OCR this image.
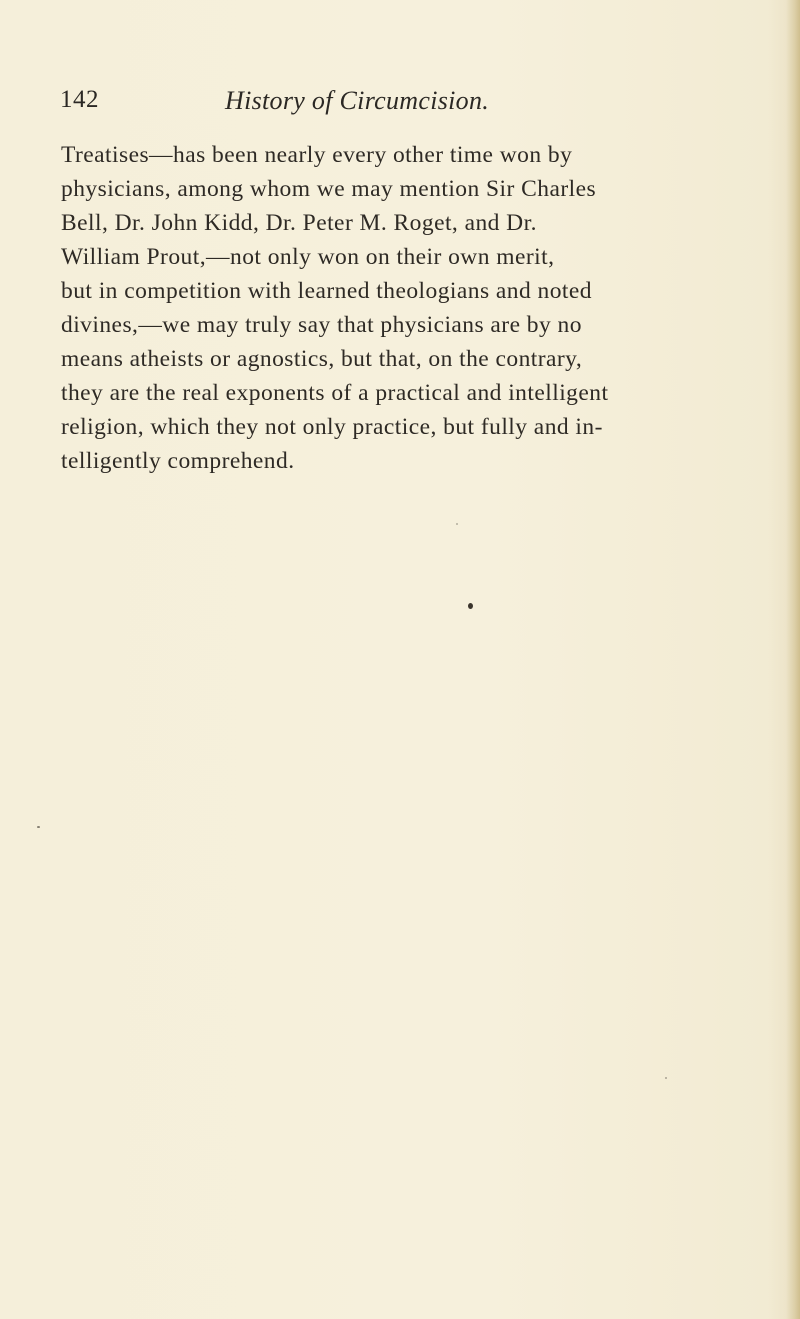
142	History of Circumcision.

Treatises—has been nearly every other time won by
physicians, among whom we may mention Sir Charles
Bell, Dr. John Kidd, Dr. Peter M. Roget, and Dr.
William Prout,—not only won on their own merit,
but in competition with learned theologians and noted
divines,—we may truly say that physicians are by no
means atheists or agnostics, but that, on the contrary,
they are the real exponents of a practical and intelligent
religion, which they not only practice, but fully and in-
telligently comprehend.
